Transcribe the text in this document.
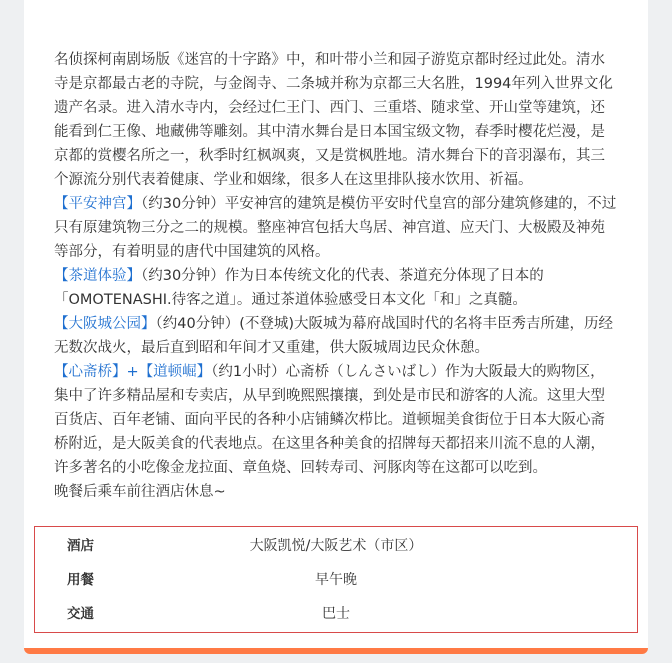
名侦探柯南剧场版《迷宫的十字路》中，和叶带小兰和园子游览京都时经过此处。清水寺是京都最古老的寺院，与金阁寺、二条城并称为京都三大名胜，1994年列入世界文化遗产名录。进入清水寺内，会经过仁王门、西门、三重塔、随求堂、开山堂等建筑，还能看到仁王像、地藏佛等雕刻。其中清水舞台是日本国宝级文物，春季时樱花烂漫，是京都的赏樱名所之一，秋季时红枫飒爽，又是赏枫胜地。清水舞台下的音羽瀑布，其三个源流分别代表着健康、学业和姻缘，很多人在这里排队接水饮用、祈福。

【平安神宫】（约30分钟）平安神宫的建筑是模仿平安时代皇宫的部分建筑修建的，不过只有原建筑物三分之二的规模。整座神宫包括大鸟居、神宫道、应天门、大极殿及神苑等部分，有着明显的唐代中国建筑的风格。

【茶道体验】（约30分钟）作为日本传统文化的代表、茶道充分体现了日本的「OMOTENASHI.待客之道」。通过茶道体验感受日本文化「和」之真髓。

【大阪城公园】（约40分钟）(不登城)大阪城为幕府战国时代的名将丰臣秀吉所建，历经无数次战火，最后直到昭和年间才又重建，供大阪城周边民众休憩。

【心斋桥】+【道顿崛】（约1小时）心斋桥（しんさいばし）作为大阪最大的购物区，集中了许多精品屋和专卖店，从早到晚熙熙攘攘，到处是市民和游客的人流。这里大型百货店、百年老铺、面向平民的各种小店铺鳞次栉比。道顿堀美食街位于日本大阪心斋桥附近，是大阪美食的代表地点。在这里各种美食的招牌每天都招来川流不息的人潮，许多著名的小吃像金龙拉面、章鱼烧、回转寿司、河豚肉等在这都可以吃到。

晚餐后乘车前往酒店休息~

酒店	大阪凯悦/大阪艺术（市区）
用餐	早午晚
交通	巴士
